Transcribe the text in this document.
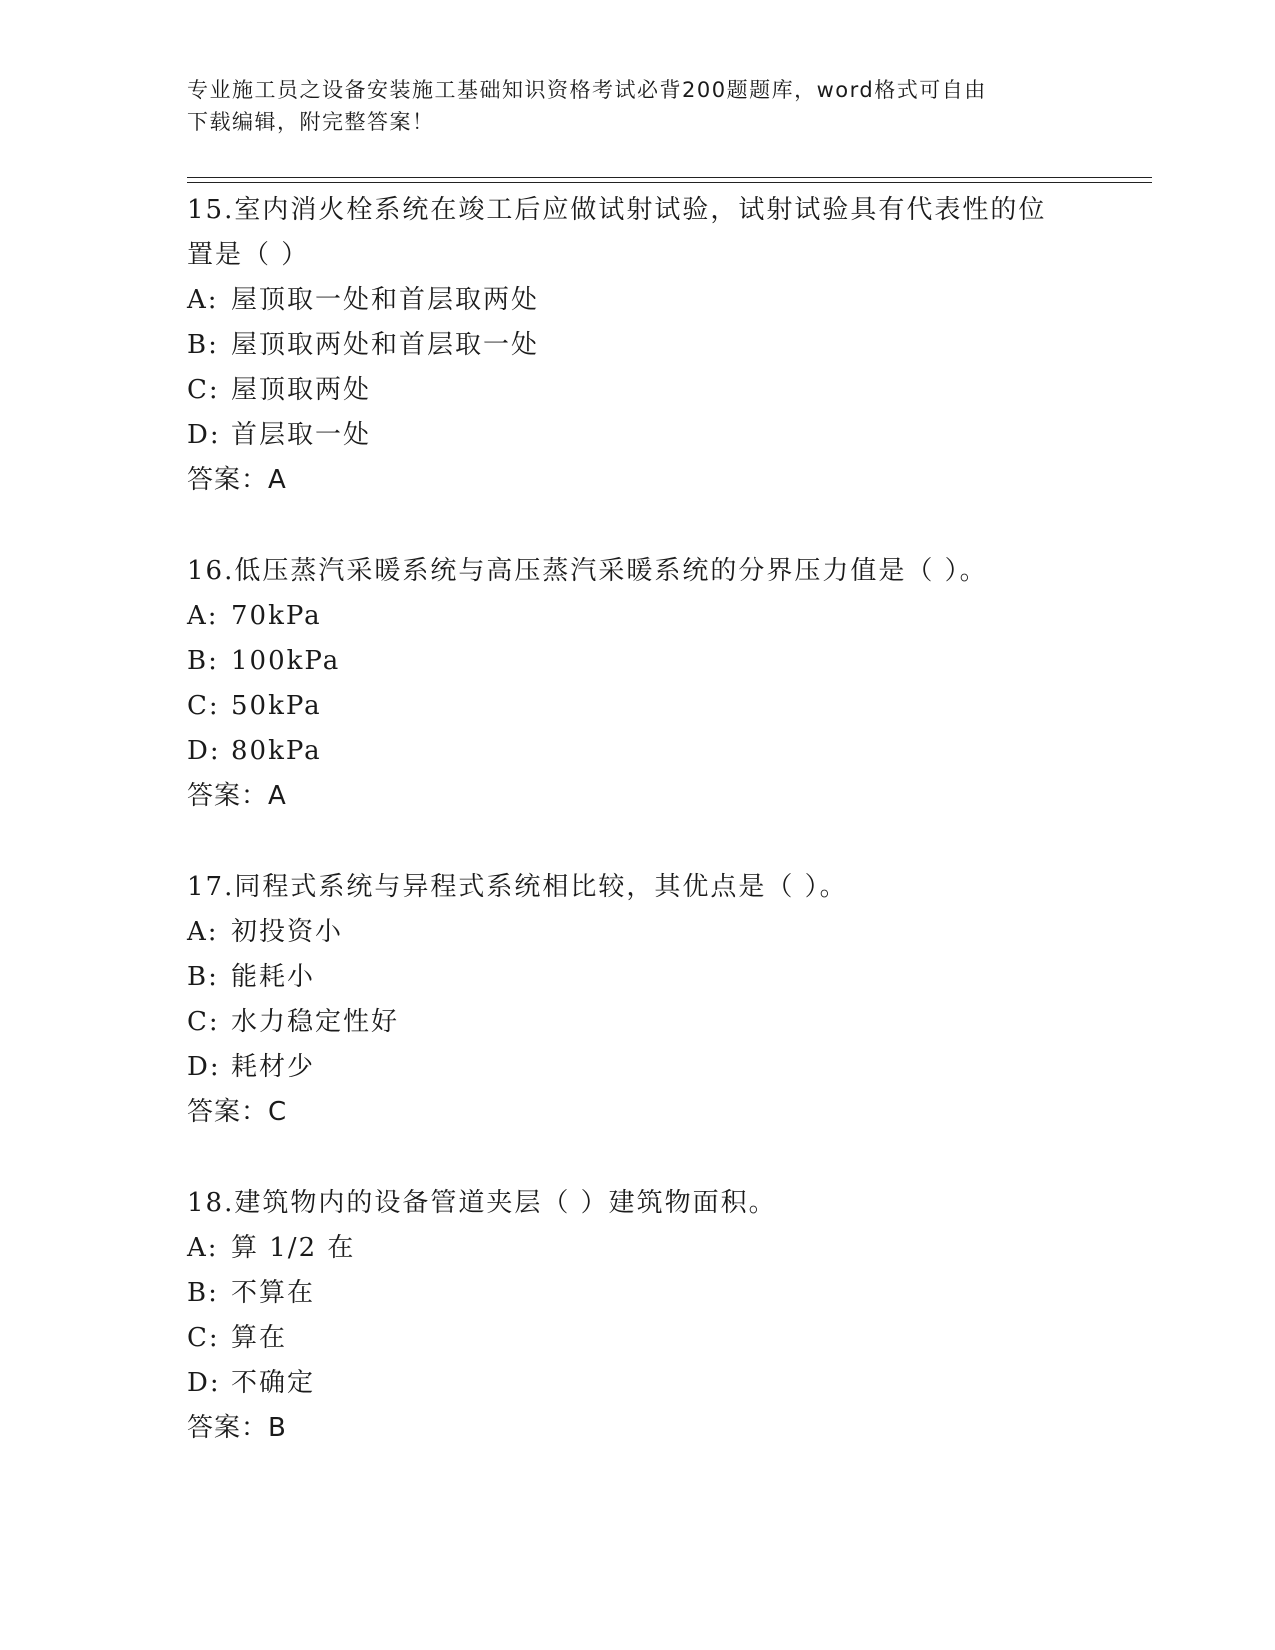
专业施工员之设备安装施工基础知识资格考试必背200题题库，word格式可自由
下载编辑，附完整答案！
15.室内消火栓系统在竣工后应做试射试验，试射试验具有代表性的位
置是（ ）
A: 屋顶取一处和首层取两处
B: 屋顶取两处和首层取一处
C: 屋顶取两处
D: 首层取一处
答案：A
16.低压蒸汽采暖系统与高压蒸汽采暖系统的分界压力值是（ ）。
A: 70kPa
B: 100kPa
C: 50kPa
D: 80kPa
答案：A
17.同程式系统与异程式系统相比较，其优点是（ ）。
A: 初投资小
B: 能耗小
C: 水力稳定性好
D: 耗材少
答案：C
18.建筑物内的设备管道夹层（ ）建筑物面积。
A: 算 1/2 在
B: 不算在
C: 算在
D: 不确定
答案：B
